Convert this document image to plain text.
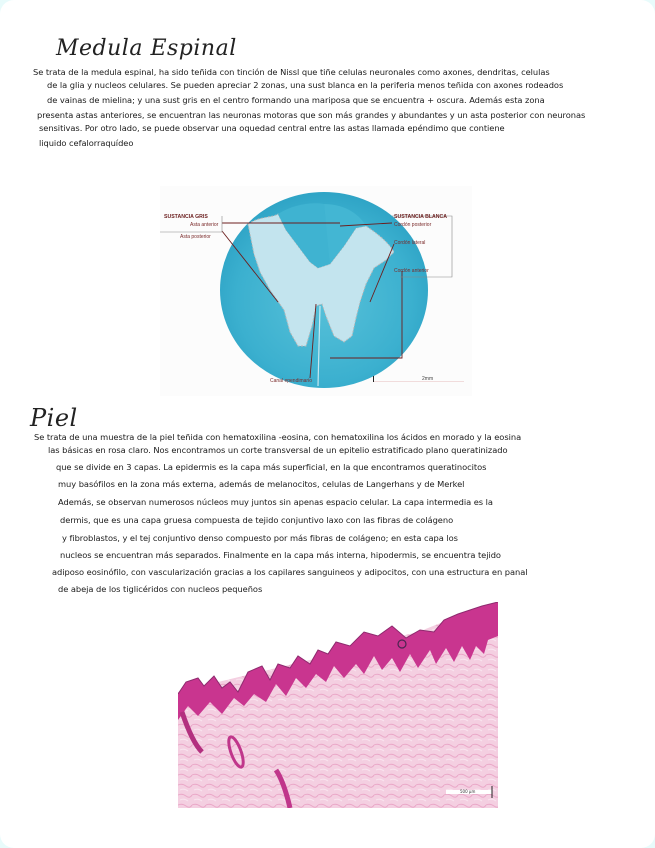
Medula Espinal
Se trata de la medula espinal, ha sido teñida con tinción de Nissl que tiñe celulas neuronales como axones, dendritas, celulas
de la glia y nucleos celulares. Se pueden apreciar 2 zonas, una sust blanca en la periferia menos teñida con axones rodeados
de vainas de mielina; y una sust gris en el centro formando una mariposa que se encuentra + oscura. Además esta zona
presenta astas anteriores, se encuentran las neuronas motoras que son más grandes y abundantes y un asta posterior con neuronas
sensitivas. Por otro lado, se puede observar una oquedad central entre las astas llamada epéndimo que contiene
liquido cefalorraquídeo
SUSTANCIA GRIS
Asta anterior
Asta posterior
SUSTANCIA BLANCA
Cordón posterior
Cordón lateral
Cordón anterior
Canal ependimario	2mm
Piel
Se trata de una muestra de la piel teñida con hematoxilina -eosina, con hematoxilina los ácidos en morado y la eosina
las básicas en rosa claro. Nos encontramos un corte transversal de un epitelio estratificado plano queratinizado
que se divide en 3 capas. La epidermis es la capa más superficial, en la que encontramos queratinocitos
muy basófilos en la zona más externa, además de melanocitos, celulas de Langerhans y de Merkel
Además, se observan numerosos núcleos muy juntos sin apenas espacio celular. La capa intermedia es la
dermis, que es una capa gruesa compuesta de tejido conjuntivo laxo con las fibras de colágeno
y fibroblastos, y el tej conjuntivo denso compuesto por más fibras de colágeno; en esta capa los
nucleos se encuentran más separados. Finalmente en la capa más interna, hipodermis, se encuentra tejido
adiposo eosinófilo, con vascularización gracias a los capilares sanguineos y adipocitos, con una estructura en panal
de abeja de los tiglicéridos con nucleos pequeños
500 µm
